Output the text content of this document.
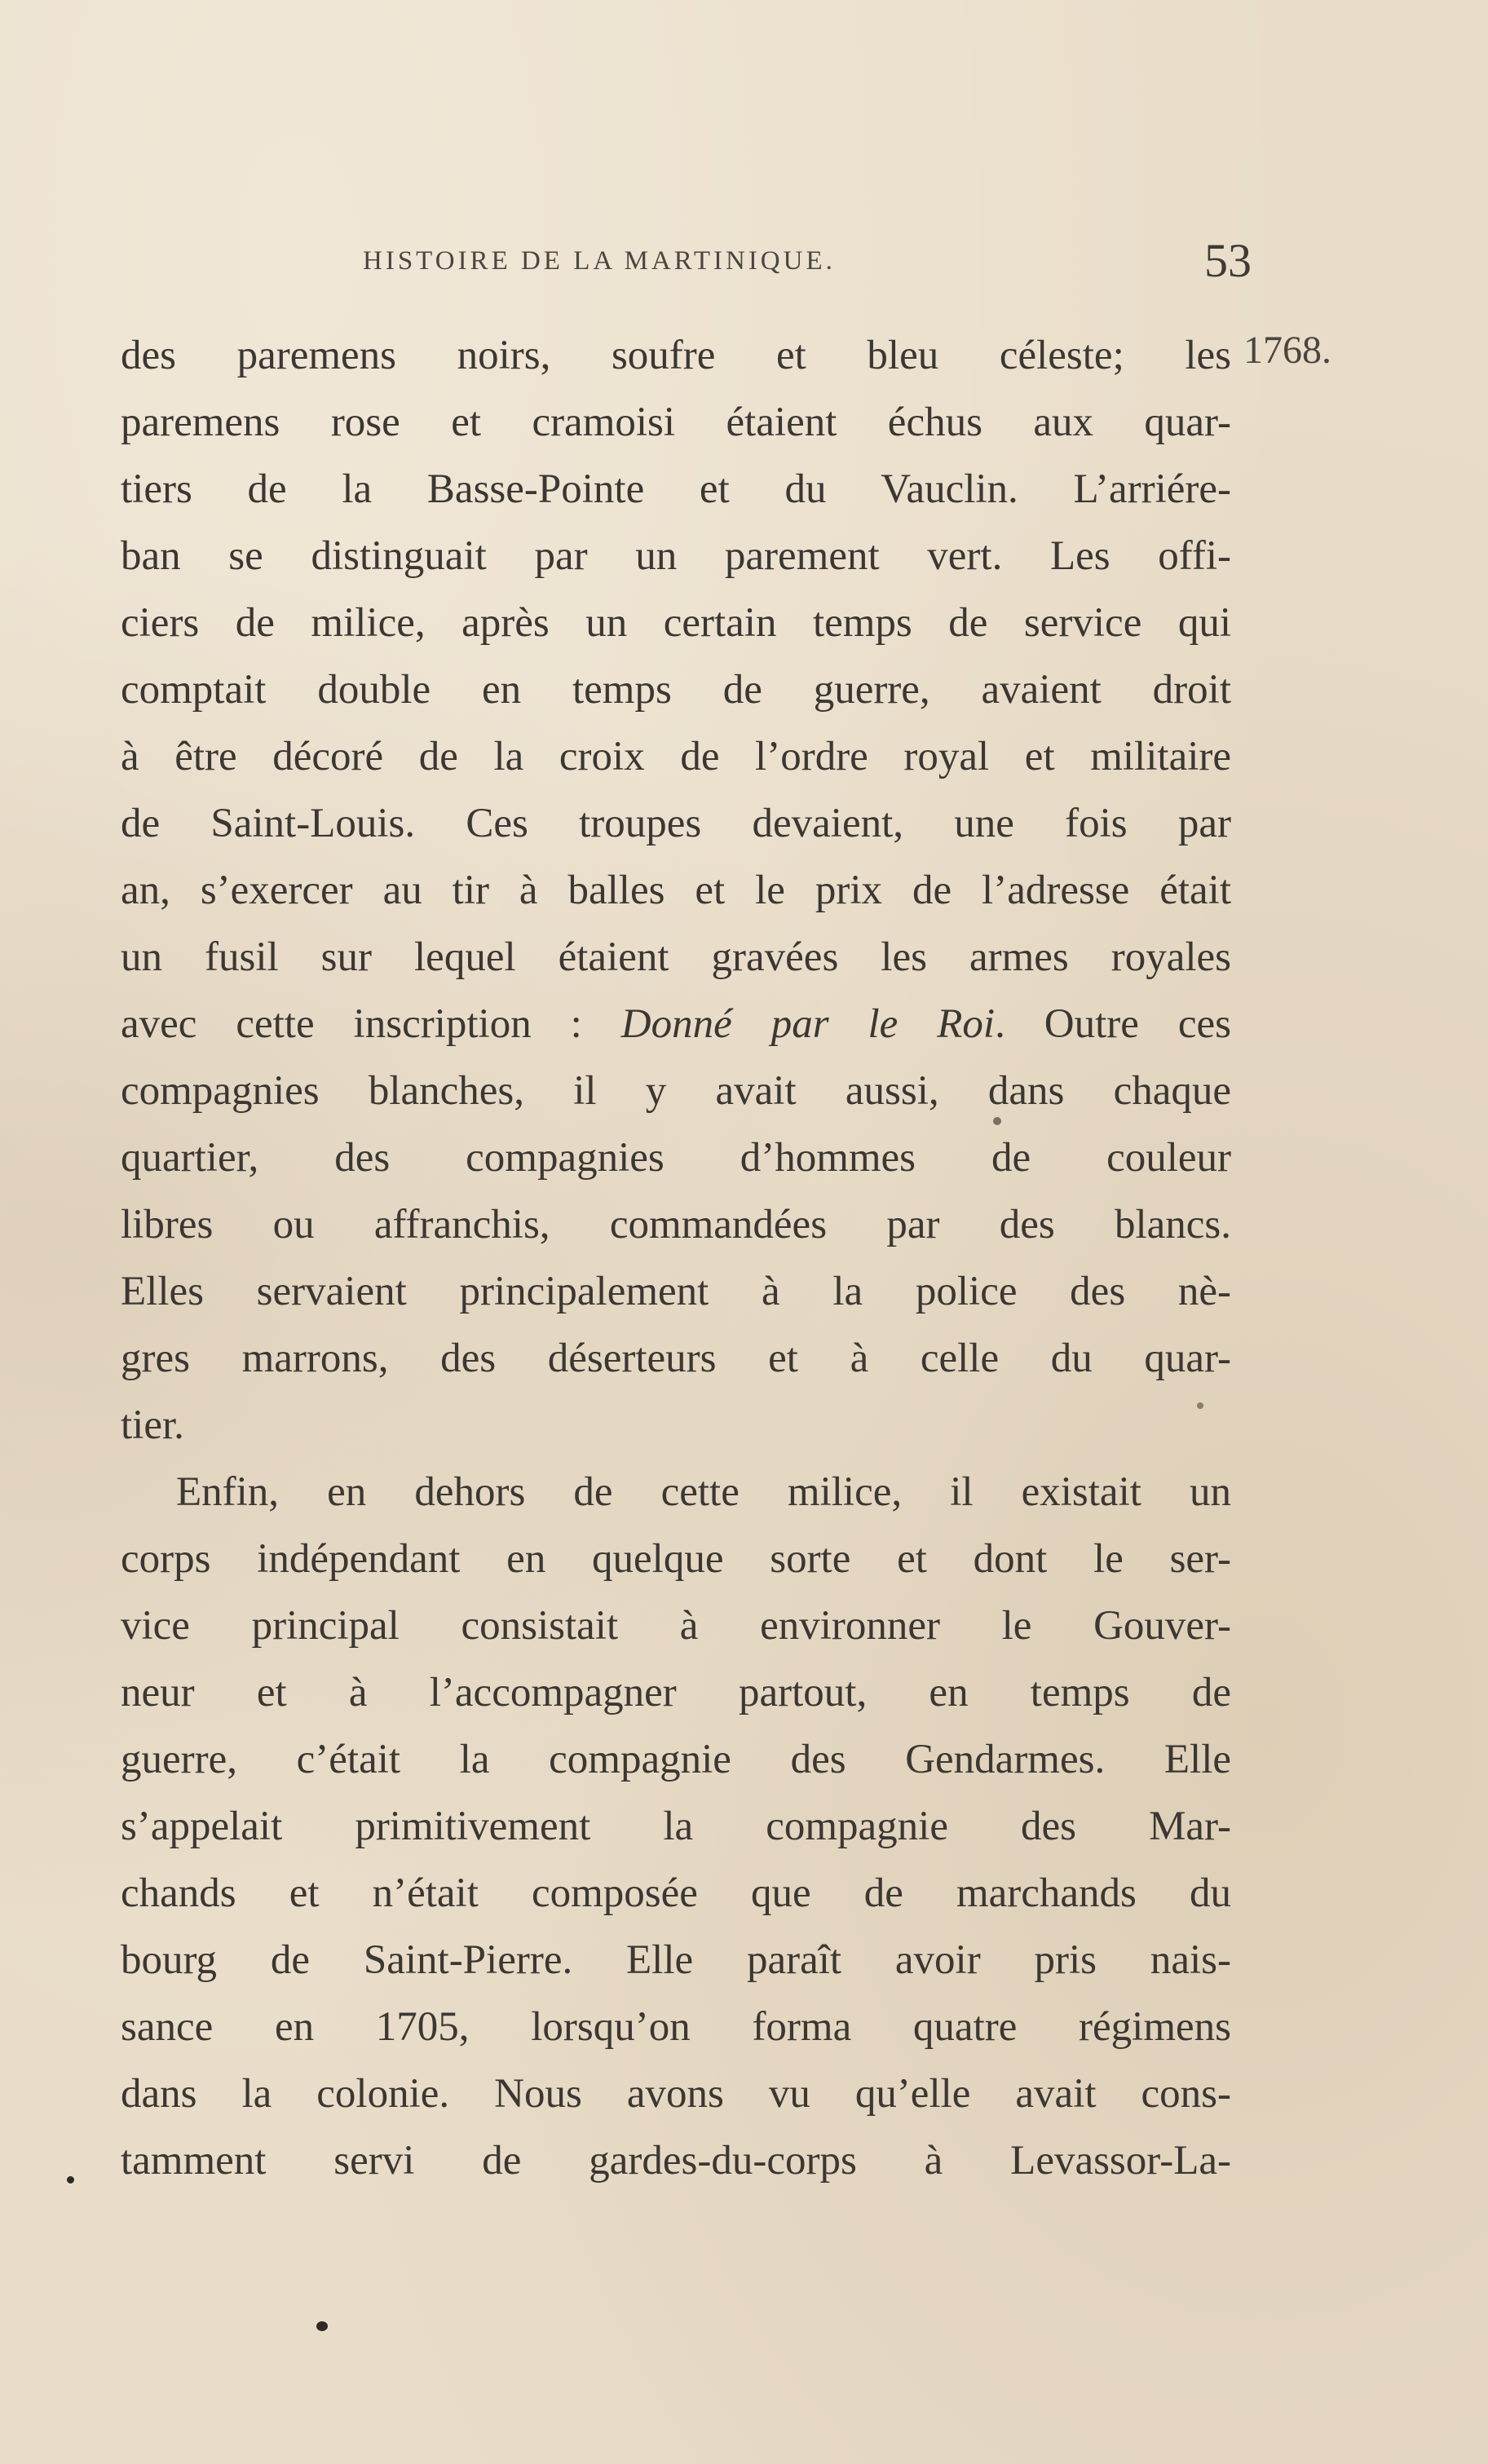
HISTOIRE DE LA MARTINIQUE.	53
1768.
des paremens noirs, soufre et bleu céleste; les
paremens rose et cramoisi étaient échus aux quar-
tiers de la Basse-Pointe et du Vauclin. L’arriére-
ban se distinguait par un parement vert. Les offi-
ciers de milice, après un certain temps de service qui
comptait double en temps de guerre, avaient droit
à être décoré de la croix de l’ordre royal et militaire
de Saint-Louis. Ces troupes devaient, une fois par
an, s’exercer au tir à balles et le prix de l’adresse était
un fusil sur lequel étaient gravées les armes royales
avec cette inscription : Donné par le Roi. Outre ces
compagnies blanches, il y avait aussi, dans chaque
quartier, des compagnies d’hommes de couleur
libres ou affranchis, commandées par des blancs.
Elles servaient principalement à la police des nè-
gres marrons, des déserteurs et à celle du quar-
tier.
Enfin, en dehors de cette milice, il existait un
corps indépendant en quelque sorte et dont le ser-
vice principal consistait à environner le Gouver-
neur et à l’accompagner partout, en temps de
guerre, c’était la compagnie des Gendarmes. Elle
s’appelait primitivement la compagnie des Mar-
chands et n’était composée que de marchands du
bourg de Saint-Pierre. Elle paraît avoir pris nais-
sance en 1705, lorsqu’on forma quatre régimens
dans la colonie. Nous avons vu qu’elle avait cons-
tamment servi de gardes-du-corps à Levassor-La-
